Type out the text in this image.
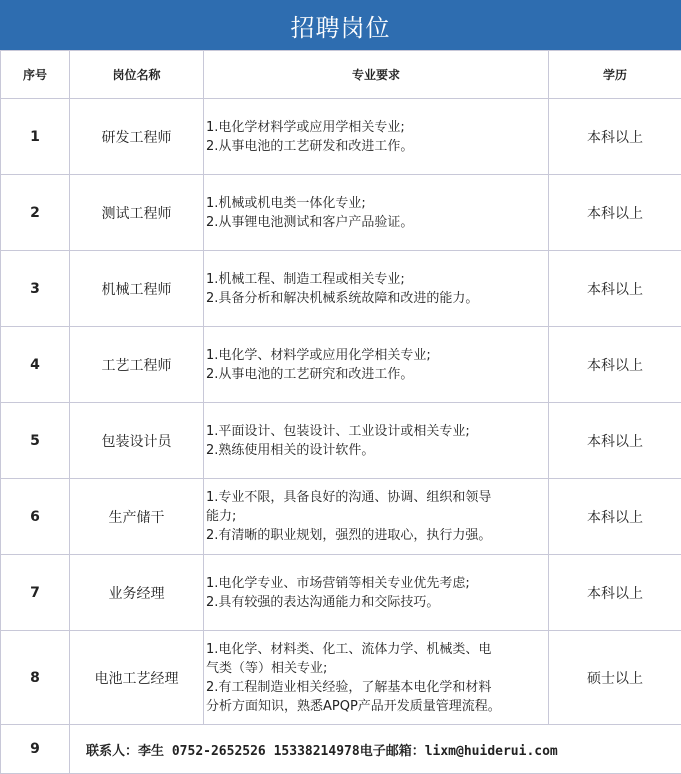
招聘岗位
序号	岗位名称	专业要求	学历
1	研发工程师	1.电化学材料学或应用学相关专业;
2.从事电池的工艺研发和改进工作。	本科以上
2	测试工程师	1.机械或机电类一体化专业;
2.从事锂电池测试和客户产品验证。	本科以上
3	机械工程师	1.机械工程、制造工程或相关专业;
2.具备分析和解决机械系统故障和改进的能力。	本科以上
4	工艺工程师	1.电化学、材料学或应用化学相关专业;
2.从事电池的工艺研究和改进工作。	本科以上
5	包装设计员	1.平面设计、包装设计、工业设计或相关专业;
2.熟练使用相关的设计软件。	本科以上
6	生产储干	1.专业不限，具备良好的沟通、协调、组织和领导
能力;
2.有清晰的职业规划，强烈的进取心，执行力强。	本科以上
7	业务经理	1.电化学专业、市场营销等相关专业优先考虑;
2.具有较强的表达沟通能力和交际技巧。	本科以上
8	电池工艺经理	1.电化学、材料类、化工、流体力学、机械类、电
气类（等）相关专业;
2.有工程制造业相关经验，了解基本电化学和材料
分析方面知识，熟悉APQP产品开发质量管理流程。	硕士以上
9	联系人：李生 0752-2652526 15338214978电子邮箱：lixm@huiderui.com		
